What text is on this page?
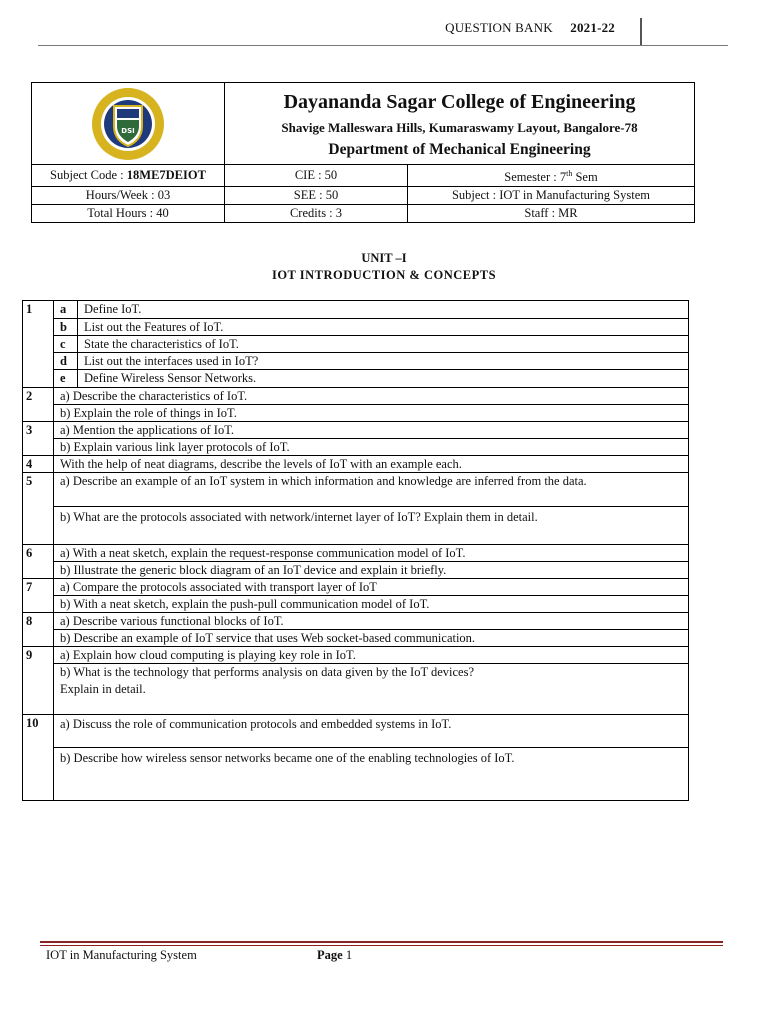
QUESTION BANK 2021-22
DSI	Dayananda Sagar College of Engineering
Shavige Malleswara Hills, Kumaraswamy Layout, Bangalore-78
Department of Mechanical Engineering	

Subject Code : 18ME7DEIOT	CIE : 50	Semester : 7th Sem
Hours/Week : 03	SEE : 50	Subject : IOT in Manufacturing System
Total Hours : 40	Credits : 3	Staff : MR
UNIT –I
IOT INTRODUCTION & CONCEPTS
1	a	Define IoT.
	b	List out the Features of IoT.
	c	State the characteristics of IoT.
	d	List out the interfaces used in IoT?
	e	Define Wireless Sensor Networks.
2	a) Describe the characteristics of IoT.	
	b) Explain the role of things in IoT.	
3	a) Mention the applications of IoT.	
	b) Explain various link layer protocols of IoT.	
4	With the help of neat diagrams, describe the levels of IoT with an example each.	
5	a) Describe an example of an IoT system in which information and knowledge are inferred from the data.	
	b) What are the protocols associated with network/internet layer of IoT? Explain them in detail.	
6	a) With a neat sketch, explain the request-response communication model of IoT.	
	b) Illustrate the generic block diagram of an IoT device and explain it briefly.	
7	a) Compare the protocols associated with transport layer of IoT	
	b) With a neat sketch, explain the push-pull communication model of IoT.	
8	a) Describe various functional blocks of IoT.	
	b) Describe an example of IoT service that uses Web socket-based communication.	
9	a) Explain how cloud computing is playing key role in IoT.	

	b) What is the technology that performs analysis on data given by the IoT devices?
Explain in detail.	

10	a) Discuss the role of communication protocols and embedded systems in IoT.	
	b) Describe how wireless sensor networks became one of the enabling technologies of IoT.	
IOT in Manufacturing System	Page 1
